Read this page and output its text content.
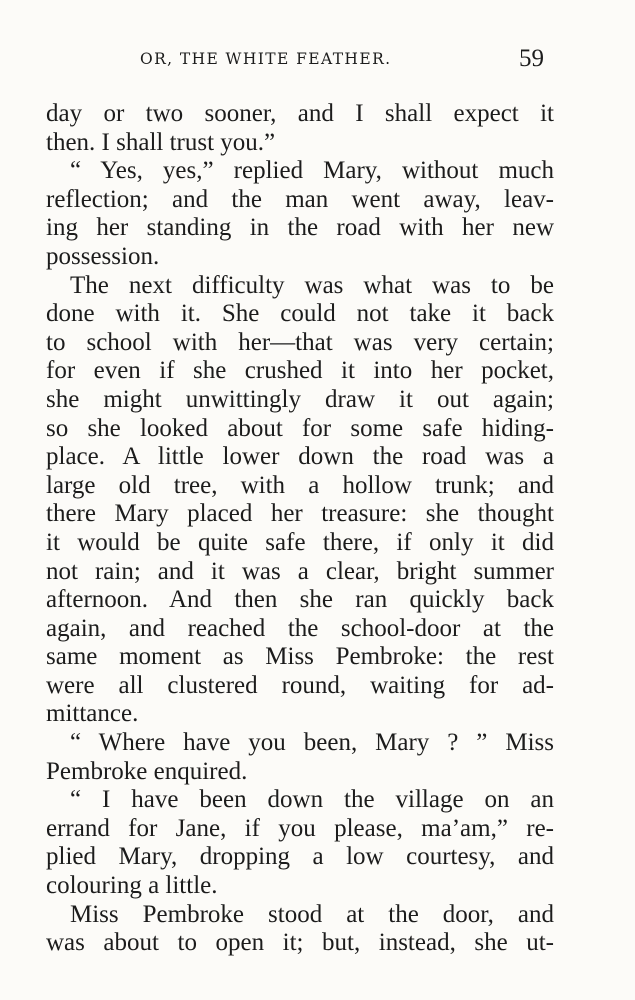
OR, THE WHITE FEATHER.	59
day or two sooner, and I shall expect it
then. I shall trust you.”
“ Yes, yes,” replied Mary, without much
reflection; and the man went away, leav-
ing her standing in the road with her new
possession.
The next difficulty was what was to be
done with it. She could not take it back
to school with her—that was very certain;
for even if she crushed it into her pocket,
she might unwittingly draw it out again;
so she looked about for some safe hiding-
place. A little lower down the road was a
large old tree, with a hollow trunk; and
there Mary placed her treasure: she thought
it would be quite safe there, if only it did
not rain; and it was a clear, bright summer
afternoon. And then she ran quickly back
again, and reached the school-door at the
same moment as Miss Pembroke: the rest
were all clustered round, waiting for ad-
mittance.
“ Where have you been, Mary ? ” Miss
Pembroke enquired.
“ I have been down the village on an
errand for Jane, if you please, ma’am,” re-
plied Mary, dropping a low courtesy, and
colouring a little.
Miss Pembroke stood at the door, and
was about to open it; but, instead, she ut-
